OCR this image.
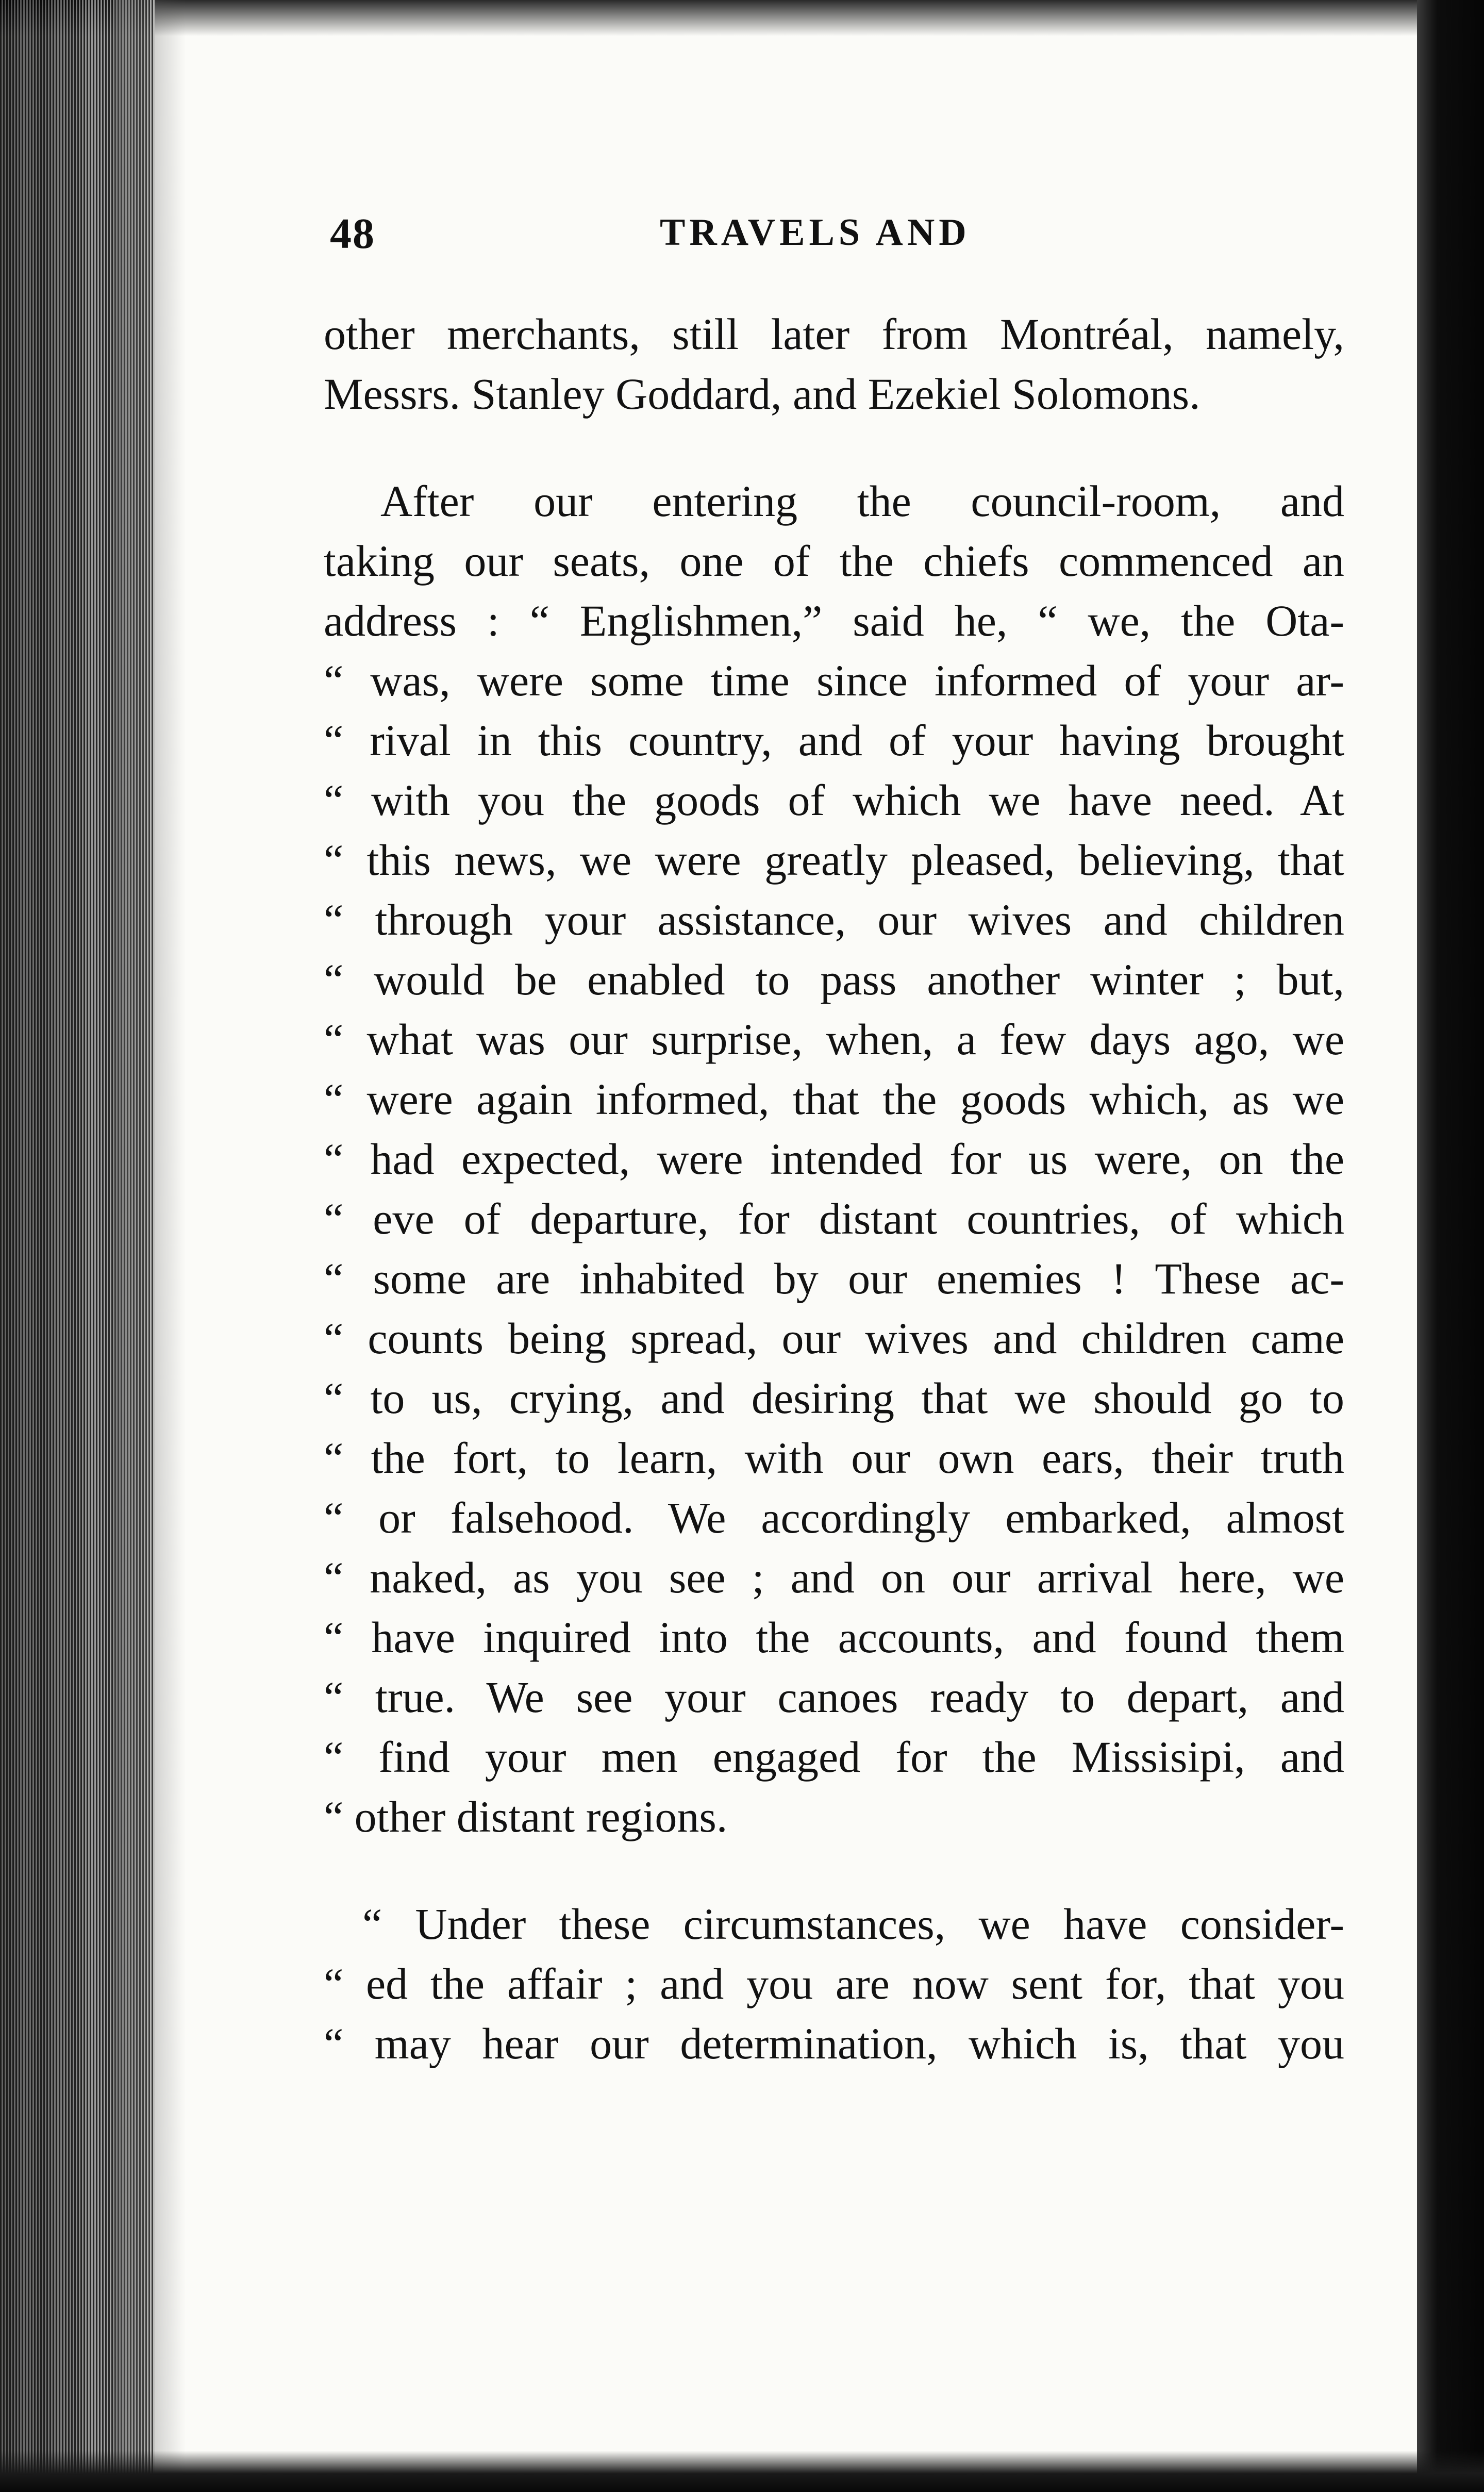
48	TRAVELS AND
other merchants, still later from Montréal, namely,
Messrs. Stanley Goddard, and Ezekiel Solomons.
After our entering the council-room, and
taking our seats, one of the chiefs commenced an
address : “ Englishmen,” said he, “ we, the Ota-
“ was, were some time since informed of your ar-
“ rival in this country, and of your having brought
“ with you the goods of which we have need. At
“ this news, we were greatly pleased, believing, that
“ through your assistance, our wives and children
“ would be enabled to pass another winter ; but,
“ what was our surprise, when, a few days ago, we
“ were again informed, that the goods which, as we
“ had expected, were intended for us were, on the
“ eve of departure, for distant countries, of which
“ some are inhabited by our enemies ! These ac-
“ counts being spread, our wives and children came
“ to us, crying, and desiring that we should go to
“ the fort, to learn, with our own ears, their truth
“ or falsehood. We accordingly embarked, almost
“ naked, as you see ; and on our arrival here, we
“ have inquired into the accounts, and found them
“ true. We see your canoes ready to depart, and
“ find your men engaged for the Missisipi, and
“ other distant regions.
“ Under these circumstances, we have consider-
“ ed the affair ; and you are now sent for, that you
“ may hear our determination, which is, that you
